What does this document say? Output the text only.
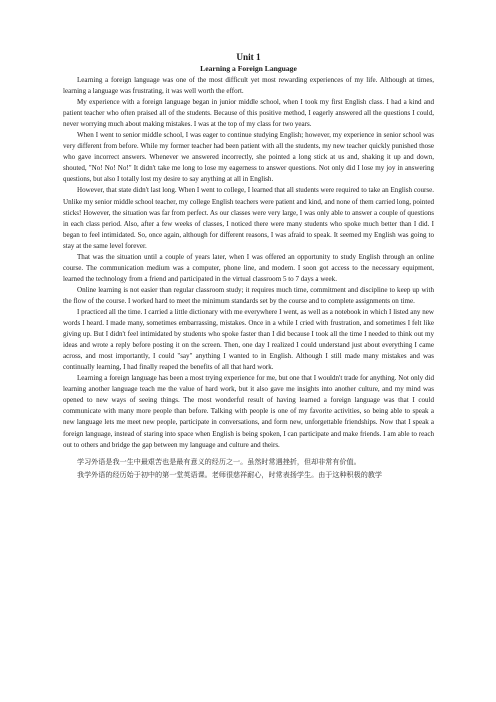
Unit 1

Learning a Foreign Language

Learning a foreign language was one of the most difficult yet most rewarding experiences of my life. Although at times, learning a language was frustrating, it was well worth the effort.

My experience with a foreign language began in junior middle school, when I took my first English class. I had a kind and patient teacher who often praised all of the students. Because of this positive method, I eagerly answered all the questions I could, never worrying much about making mistakes. I was at the top of my class for two years.

When I went to senior middle school, I was eager to continue studying English; however, my experience in senior school was very different from before. While my former teacher had been patient with all the students, my new teacher quickly punished those who gave incorrect answers. Whenever we answered incorrectly, she pointed a long stick at us and, shaking it up and down, shouted, "No! No! No!" It didn't take me long to lose my eagerness to answer questions. Not only did I lose my joy in answering questions, but also I totally lost my desire to say anything at all in English.

However, that state didn't last long. When I went to college, I learned that all students were required to take an English course. Unlike my senior middle school teacher, my college English teachers were patient and kind, and none of them carried long, pointed sticks! However, the situation was far from perfect. As our classes were very large, I was only able to answer a couple of questions in each class period. Also, after a few weeks of classes, I noticed there were many students who spoke much better than I did. I began to feel intimidated. So, once again, although for different reasons, I was afraid to speak. It seemed my English was going to stay at the same level forever.

That was the situation until a couple of years later, when I was offered an opportunity to study English through an online course. The communication medium was a computer, phone line, and modem. I soon got access to the necessary equipment, learned the technology from a friend and participated in the virtual classroom 5 to 7 days a week.

Online learning is not easier than regular classroom study; it requires much time, commitment and discipline to keep up with the flow of the course. I worked hard to meet the minimum standards set by the course and to complete assignments on time.

I practiced all the time. I carried a little dictionary with me everywhere I went, as well as a notebook in which I listed any new words I heard. I made many, sometimes embarrassing, mistakes. Once in a while I cried with frustration, and sometimes I felt like giving up. But I didn't feel intimidated by students who spoke faster than I did because I took all the time I needed to think out my ideas and wrote a reply before posting it on the screen. Then, one day I realized I could understand just about everything I came across, and most importantly, I could "say" anything I wanted to in English. Although I still made many mistakes and was continually learning, I had finally reaped the benefits of all that hard work.

Learning a foreign language has been a most trying experience for me, but one that I wouldn't trade for anything. Not only did learning another language teach me the value of hard work, but it also gave me insights into another culture, and my mind was opened to new ways of seeing things. The most wonderful result of having learned a foreign language was that I could communicate with many more people than before. Talking with people is one of my favorite activities, so being able to speak a new language lets me meet new people, participate in conversations, and form new, unforgettable friendships. Now that I speak a foreign language, instead of staring into space when English is being spoken, I can participate and make friends. I am able to reach out to others and bridge the gap between my language and culture and theirs.

学习外语是我一生中最艰苦也是最有意义的经历之一。虽然时常遇挫折，但却非常有价值。

我学外语的经历始于初中的第一堂英语课。老师很慈祥耐心，时常表扬学生。由于这种积极的教学
